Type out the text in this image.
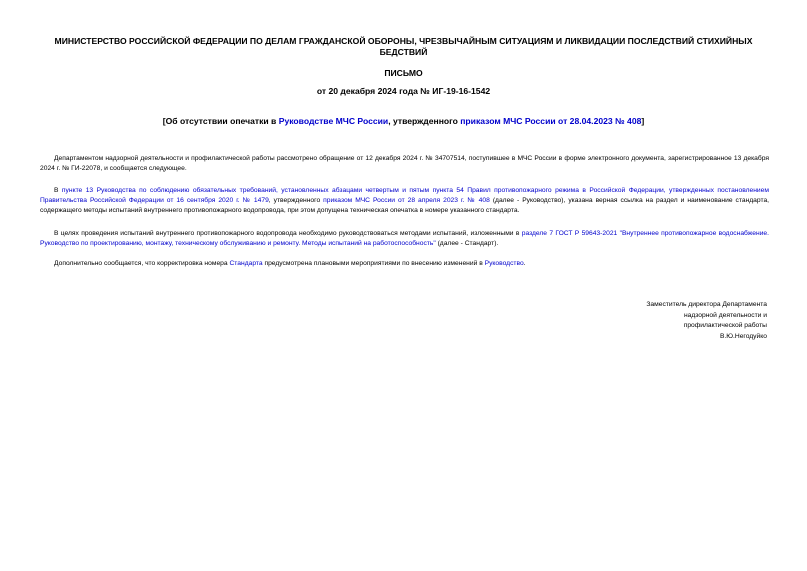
МИНИСТЕРСТВО РОССИЙСКОЙ ФЕДЕРАЦИИ ПО ДЕЛАМ ГРАЖДАНСКОЙ ОБОРОНЫ, ЧРЕЗВЫЧАЙНЫМ СИТУАЦИЯМ И ЛИКВИДАЦИИ ПОСЛЕДСТВИЙ СТИХИЙНЫХ БЕДСТВИЙ
ПИСЬМО
от 20 декабря 2024 года № ИГ-19-16-1542
[Об отсутствии опечатки в Руководстве МЧС России, утвержденного приказом МЧС России от 28.04.2023 № 408]
Департаментом надзорной деятельности и профилактической работы рассмотрено обращение от 12 декабря 2024 г. № 34707514, поступившее в МЧС России в форме электронного документа, зарегистрированное 13 декабря 2024 г. № ГИ-22078, и сообщается следующее.
В пункте 13 Руководства по соблюдению обязательных требований, установленных абзацами четвертым и пятым пункта 54 Правил противопожарного режима в Российской Федерации, утвержденных постановлением Правительства Российской Федерации от 16 сентября 2020 г. № 1479, утвержденного приказом МЧС России от 28 апреля 2023 г. № 408 (далее - Руководство), указана верная ссылка на раздел и наименование стандарта, содержащего методы испытаний внутреннего противопожарного водопровода, при этом допущена техническая опечатка в номере указанного стандарта.
В целях проведения испытаний внутреннего противопожарного водопровода необходимо руководствоваться методами испытаний, изложенными в разделе 7 ГОСТ Р 59643-2021 "Внутреннее противопожарное водоснабжение. Руководство по проектированию, монтажу, техническому обслуживанию и ремонту. Методы испытаний на работоспособность" (далее - Стандарт).
Дополнительно сообщается, что корректировка номера Стандарта предусмотрена плановыми мероприятиями по внесению изменений в Руководство.
Заместитель директора Департамента
надзорной деятельности и
профилактической работы
В.Ю.Негодуйко
